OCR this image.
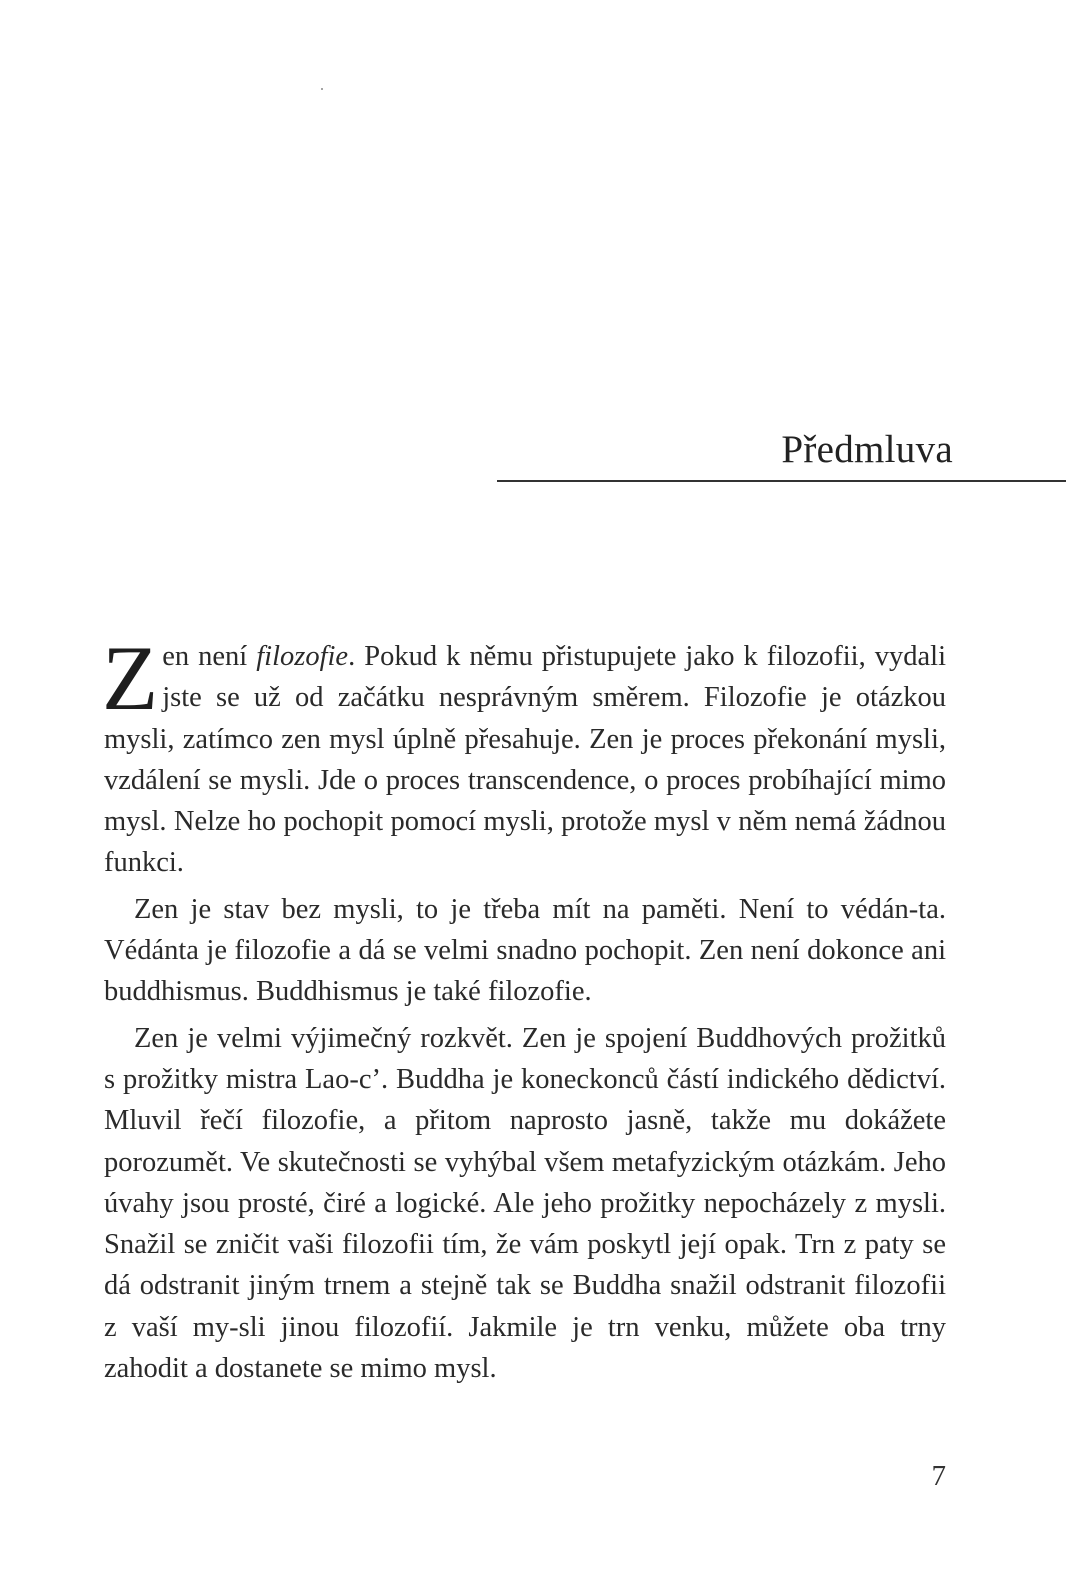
Předmluva

Zen není filozofie. Pokud k němu přistupujete jako k filozofii, vydali jste se už od začátku nesprávným směrem. Filozofie je otázkou mysli, zatímco zen mysl úplně přesahuje. Zen je proces překonání mysli, vzdálení se mysli. Jde o proces transcendence, o proces probíhající mimo mysl. Nelze ho pochopit pomocí mysli, protože mysl v něm nemá žádnou funkci.

Zen je stav bez mysli, to je třeba mít na paměti. Není to védán-ta. Védánta je filozofie a dá se velmi snadno pochopit. Zen není dokonce ani buddhismus. Buddhismus je také filozofie.

Zen je velmi výjimečný rozkvět. Zen je spojení Buddhových prožitků s prožitky mistra Lao-c’. Buddha je koneckonců částí indického dědictví. Mluvil řečí filozofie, a přitom naprosto jasně, takže mu dokážete porozumět. Ve skutečnosti se vyhýbal všem metafyzickým otázkám. Jeho úvahy jsou prosté, čiré a logické. Ale jeho prožitky nepocházely z mysli. Snažil se zničit vaši filozofii tím, že vám poskytl její opak. Trn z paty se dá odstranit jiným trnem a stejně tak se Buddha snažil odstranit filozofii z vaší my-sli jinou filozofií. Jakmile je trn venku, můžete oba trny zahodit a dostanete se mimo mysl.

7
